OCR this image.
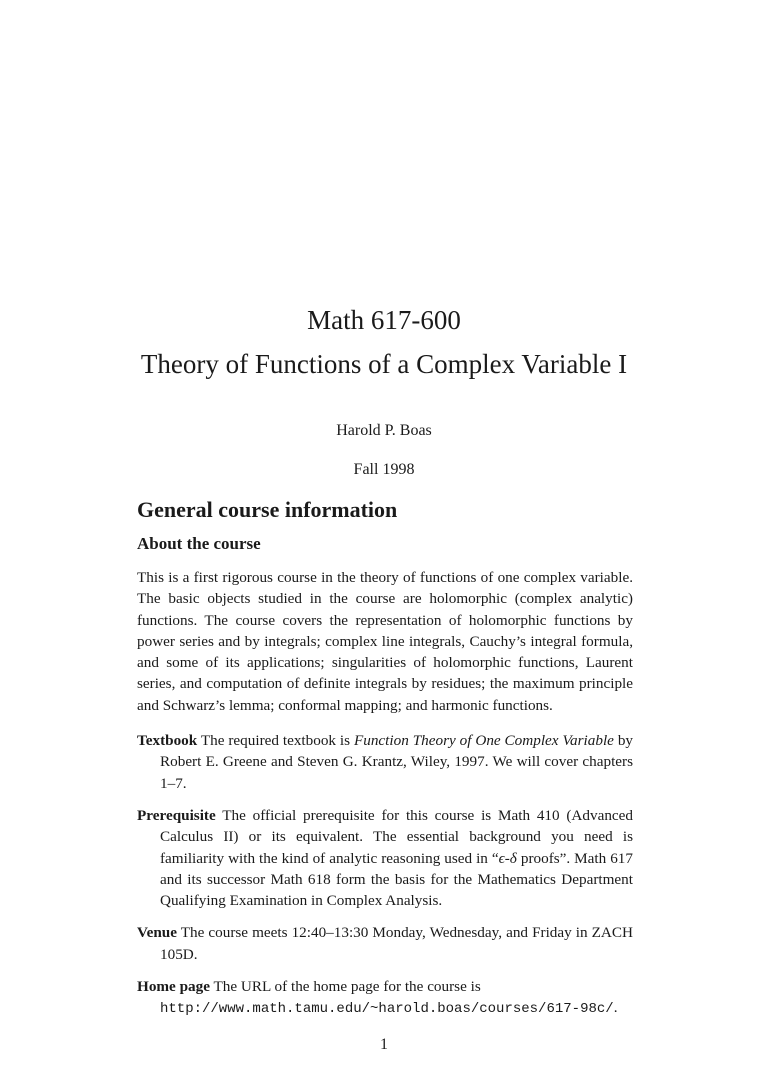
Math 617-600
Theory of Functions of a Complex Variable I
Harold P. Boas
Fall 1998
General course information
About the course

This is a first rigorous course in the theory of functions of one complex variable. The basic objects studied in the course are holomorphic (complex analytic) functions. The course covers the representation of holomorphic functions by power series and by integrals; complex line integrals, Cauchy’s integral formula, and some of its applications; singularities of holomorphic functions, Laurent series, and computation of definite integrals by residues; the maximum principle and Schwarz’s lemma; conformal mapping; and harmonic functions.

Textbook The required textbook is Function Theory of One Complex Variable by Robert E. Greene and Steven G. Krantz, Wiley, 1997. We will cover chapters 1–7.

Prerequisite The official prerequisite for this course is Math 410 (Advanced Calculus II) or its equivalent. The essential background you need is familiarity with the kind of analytic reasoning used in “ϵ-δ proofs”. Math 617 and its successor Math 618 form the basis for the Mathematics Department Qualifying Examination in Complex Analysis.

Venue The course meets 12:40–13:30 Monday, Wednesday, and Friday in ZACH 105D.

Home page The URL of the home page for the course is
http://www.math.tamu.edu/~harold.boas/courses/617-98c/.

1
